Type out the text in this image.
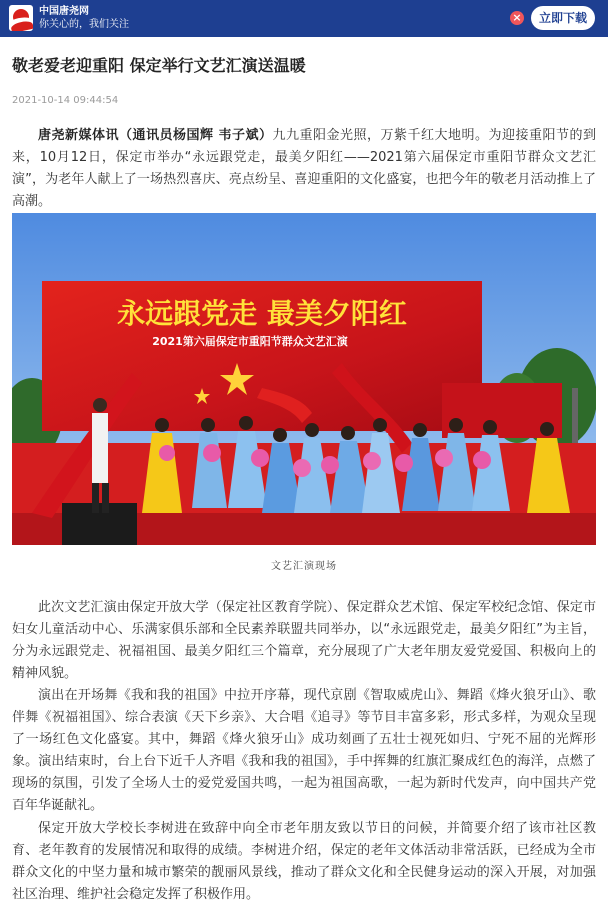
中国唐尧网
你关心的，我们关注
×	立即下载
敬老爱老迎重阳 保定举行文艺汇演送温暖
2021-10-14 09:44:54

唐尧新媒体讯（通讯员杨国辉 韦子斌）九九重阳金光照，万紫千红大地明。为迎接重阳节的到来，10月12日，保定市举办“永远跟党走，最美夕阳红——2021第六届保定市重阳节群众文艺汇演”，为老年人献上了一场热烈喜庆、亮点纷呈、喜迎重阳的文化盛宴，也把今年的敬老月活动推上了高潮。

永远跟党走 最美夕阳红
2021第六届保定市重阳节群众文艺汇演
文艺汇演现场

此次文艺汇演由保定开放大学（保定社区教育学院）、保定群众艺术馆、保定军校纪念馆、保定市妇女儿童活动中心、乐满家俱乐部和全民素养联盟共同举办，以“永远跟党走，最美夕阳红”为主旨，分为永远跟党走、祝福祖国、最美夕阳红三个篇章，充分展现了广大老年朋友爱党爱国、积极向上的精神风貌。

演出在开场舞《我和我的祖国》中拉开序幕，现代京剧《智取威虎山》、舞蹈《烽火狼牙山》、歌伴舞《祝福祖国》、综合表演《天下乡亲》、大合唱《追寻》等节目丰富多彩，形式多样，为观众呈现了一场红色文化盛宴。其中，舞蹈《烽火狼牙山》成功刻画了五壮士视死如归、宁死不屈的光辉形象。演出结束时，台上台下近千人齐唱《我和我的祖国》，手中挥舞的红旗汇聚成红色的海洋，点燃了现场的氛围，引发了全场人士的爱党爱国共鸣，一起为祖国高歌，一起为新时代发声，向中国共产党百年华诞献礼。

保定开放大学校长李树进在致辞中向全市老年朋友致以节日的问候，并简要介绍了该市社区教育、老年教育的发展情况和取得的成绩。李树进介绍，保定的老年文体活动非常活跃，已经成为全市群众文化的中坚力量和城市繁荣的靓丽风景线，推动了群众文化和全民健身运动的深入开展，对加强社区治理、维护社会稳定发挥了积极作用。
